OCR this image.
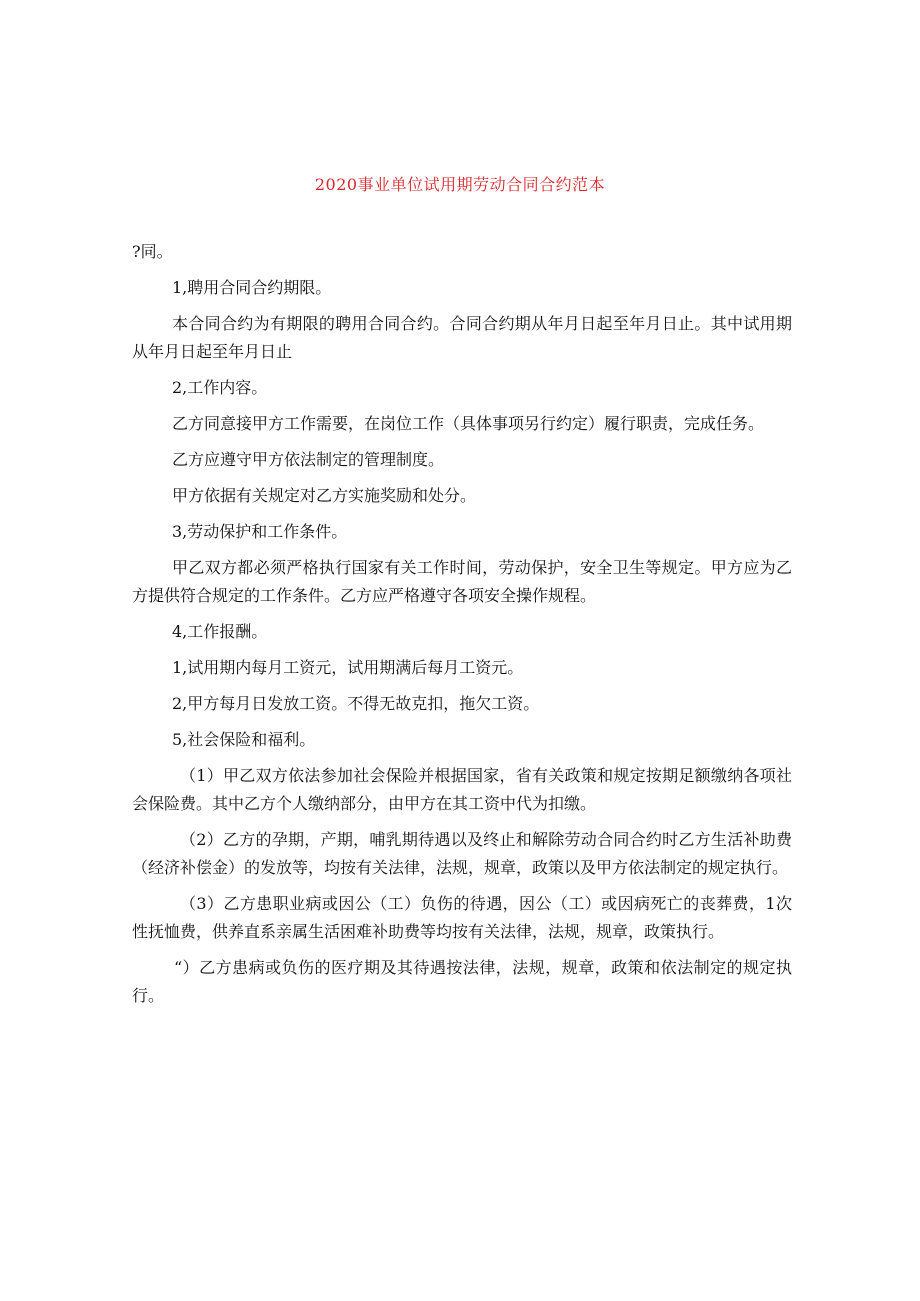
2020事业单位试用期劳动合同合约范本

?同。

1,聘用合同合约期限。

本合同合约为有期限的聘用合同合约。合同合约期从年月日起至年月日止。其中试用期从年月日起至年月日止

2,工作内容。

乙方同意接甲方工作需要，在岗位工作（具体事项另行约定）履行职责，完成任务。

乙方应遵守甲方依法制定的管理制度。

甲方依据有关规定对乙方实施奖励和处分。

3,劳动保护和工作条件。

甲乙双方都必须严格执行国家有关工作时间，劳动保护，安全卫生等规定。甲方应为乙方提供符合规定的工作条件。乙方应严格遵守各项安全操作规程。

4,工作报酬。

1,试用期内每月工资元，试用期满后每月工资元。

2,甲方每月日发放工资。不得无故克扣，拖欠工资。

5,社会保险和福利。

（1）甲乙双方依法参加社会保险并根据国家，省有关政策和规定按期足额缴纳各项社会保险费。其中乙方个人缴纳部分，由甲方在其工资中代为扣缴。

（2）乙方的孕期，产期，哺乳期待遇以及终止和解除劳动合同合约时乙方生活补助费（经济补偿金）的发放等，均按有关法律，法规，规章，政策以及甲方依法制定的规定执行。

（3）乙方患职业病或因公（工）负伤的待遇，因公（工）或因病死亡的丧葬费，1次性抚恤费，供养直系亲属生活困难补助费等均按有关法律，法规，规章，政策执行。

“）乙方患病或负伤的医疗期及其待遇按法律，法规，规章，政策和依法制定的规定执行。
